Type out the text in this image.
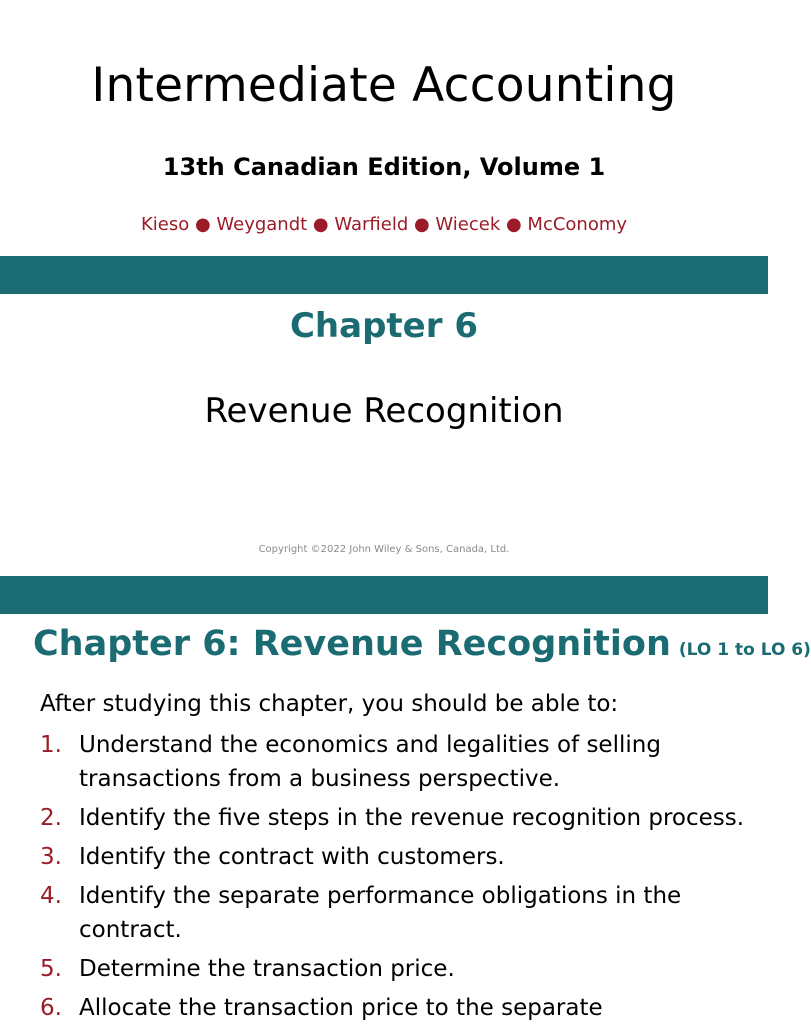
Intermediate Accounting
13th Canadian Edition, Volume 1
Kieso ● Weygandt ● Warfield ● Wiecek ● McConomy
Chapter 6
Revenue Recognition
Copyright ©2022 John Wiley & Sons, Canada, Ltd.
Chapter 6: Revenue Recognition (LO 1 to LO 6)
After studying this chapter, you should be able to:
1. Understand the economics and legalities of selling transactions from a business perspective.
2. Identify the five steps in the revenue recognition process.
3. Identify the contract with customers.
4. Identify the separate performance obligations in the contract.
5. Determine the transaction price.
6. Allocate the transaction price to the separate
